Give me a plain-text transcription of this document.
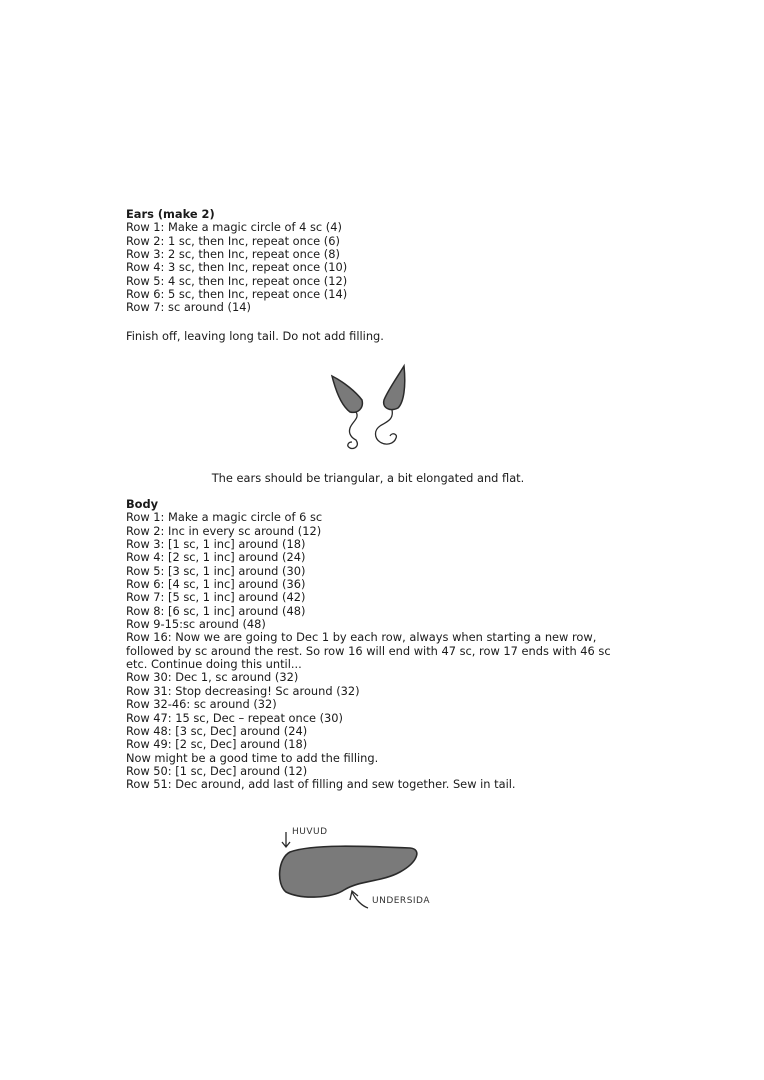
Ears (make 2)
Row 1: Make a magic circle of 4 sc (4)
Row 2: 1 sc, then Inc, repeat once (6)
Row 3: 2 sc, then Inc, repeat once (8)
Row 4: 3 sc, then Inc, repeat once (10)
Row 5: 4 sc, then Inc, repeat once (12)
Row 6: 5 sc, then Inc, repeat once (14)
Row 7: sc around (14)
Finish off, leaving long tail. Do not add filling.
The ears should be triangular, a bit elongated and flat.
Body
Row 1: Make a magic circle of 6 sc
Row 2: Inc in every sc around (12)
Row 3: [1 sc, 1 inc] around (18)
Row 4: [2 sc, 1 inc] around (24)
Row 5: [3 sc, 1 inc] around (30)
Row 6: [4 sc, 1 inc] around (36)
Row 7: [5 sc, 1 inc] around (42)
Row 8: [6 sc, 1 inc] around (48)
Row 9-15:sc around (48)
Row 16: Now we are going to Dec 1 by each row, always when starting a new row,
followed by sc around the rest. So row 16 will end with 47 sc, row 17 ends with 46 sc
etc. Continue doing this until...
Row 30: Dec 1, sc around (32)
Row 31: Stop decreasing! Sc around (32)
Row 32-46: sc around (32)
Row 47: 15 sc, Dec – repeat once (30)
Row 48: [3 sc, Dec] around (24)
Row 49: [2 sc, Dec] around (18)
Now might be a good time to add the filling.
Row 50: [1 sc, Dec] around (12)
Row 51: Dec around, add last of filling and sew together. Sew in tail.
HUVUD
UNDERSIDA
